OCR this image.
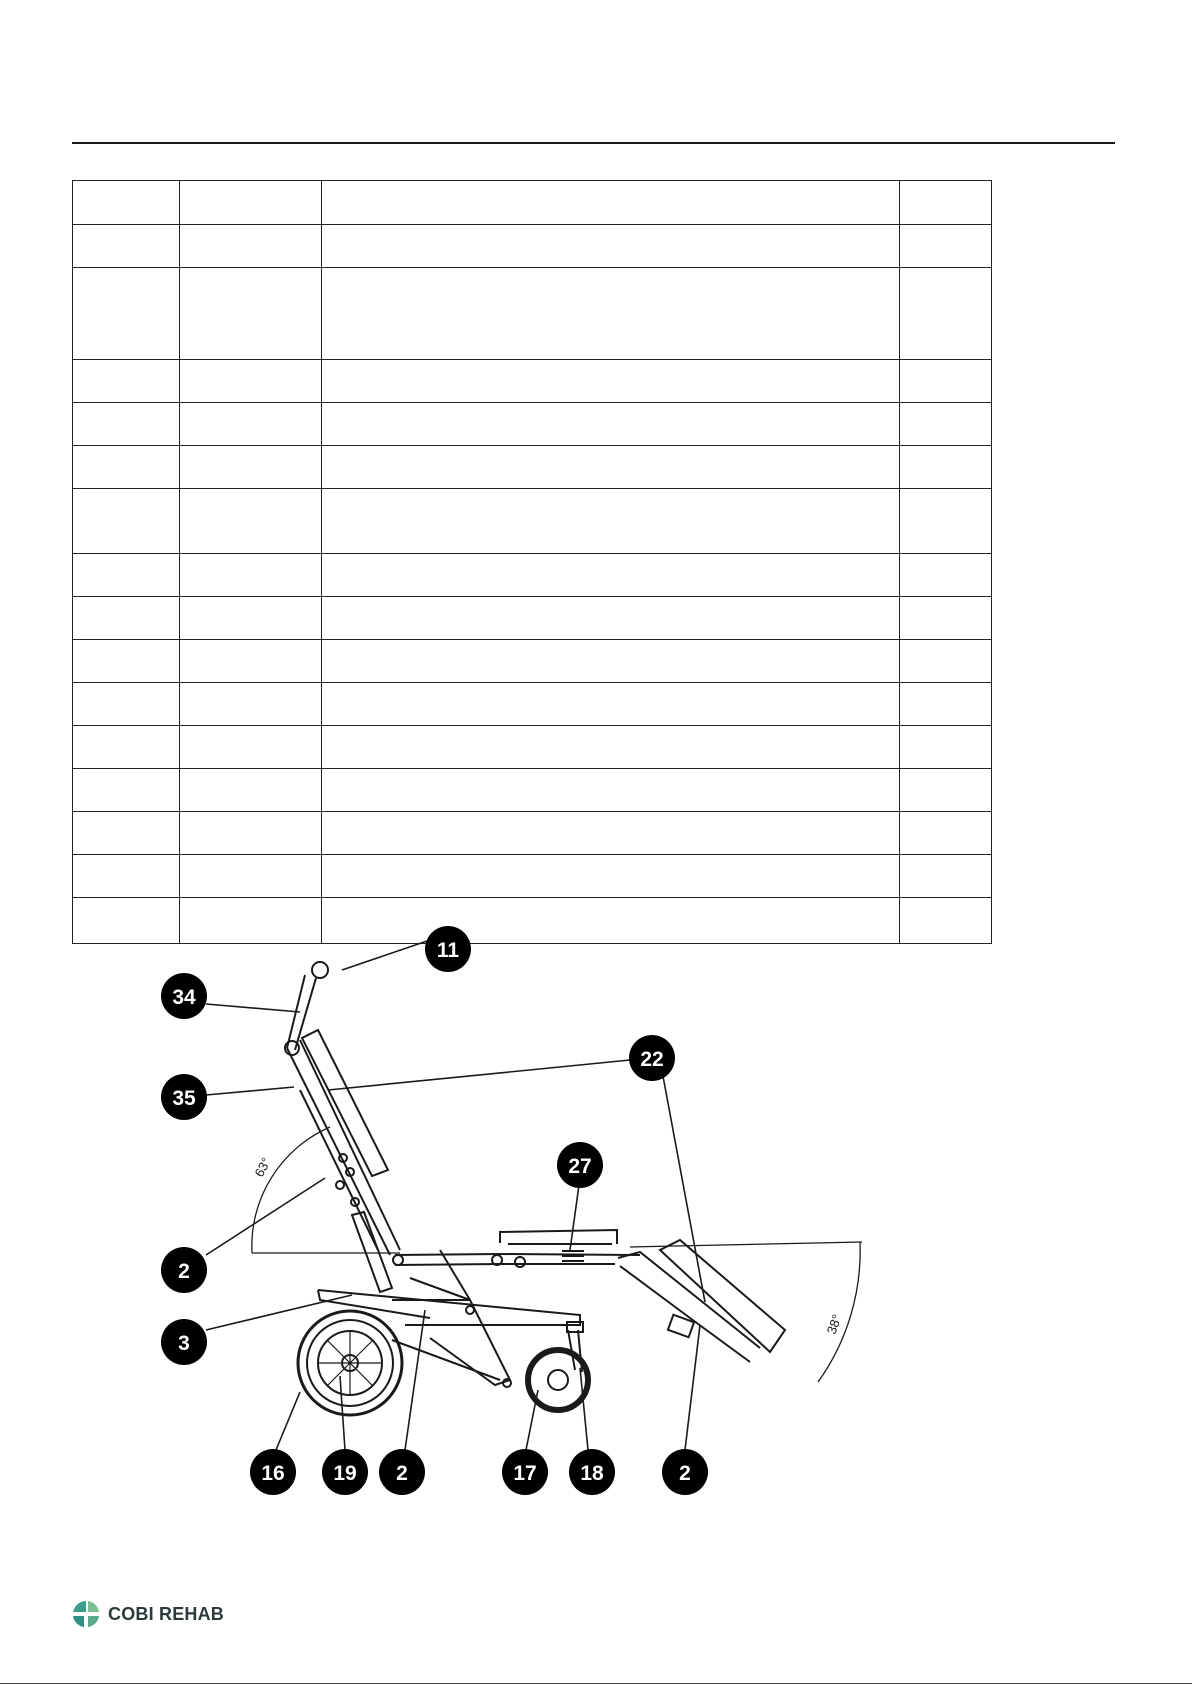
63°
38°
11
34
22
35
27
2
3
16 19 2	17 18	2
COBI REHAB
